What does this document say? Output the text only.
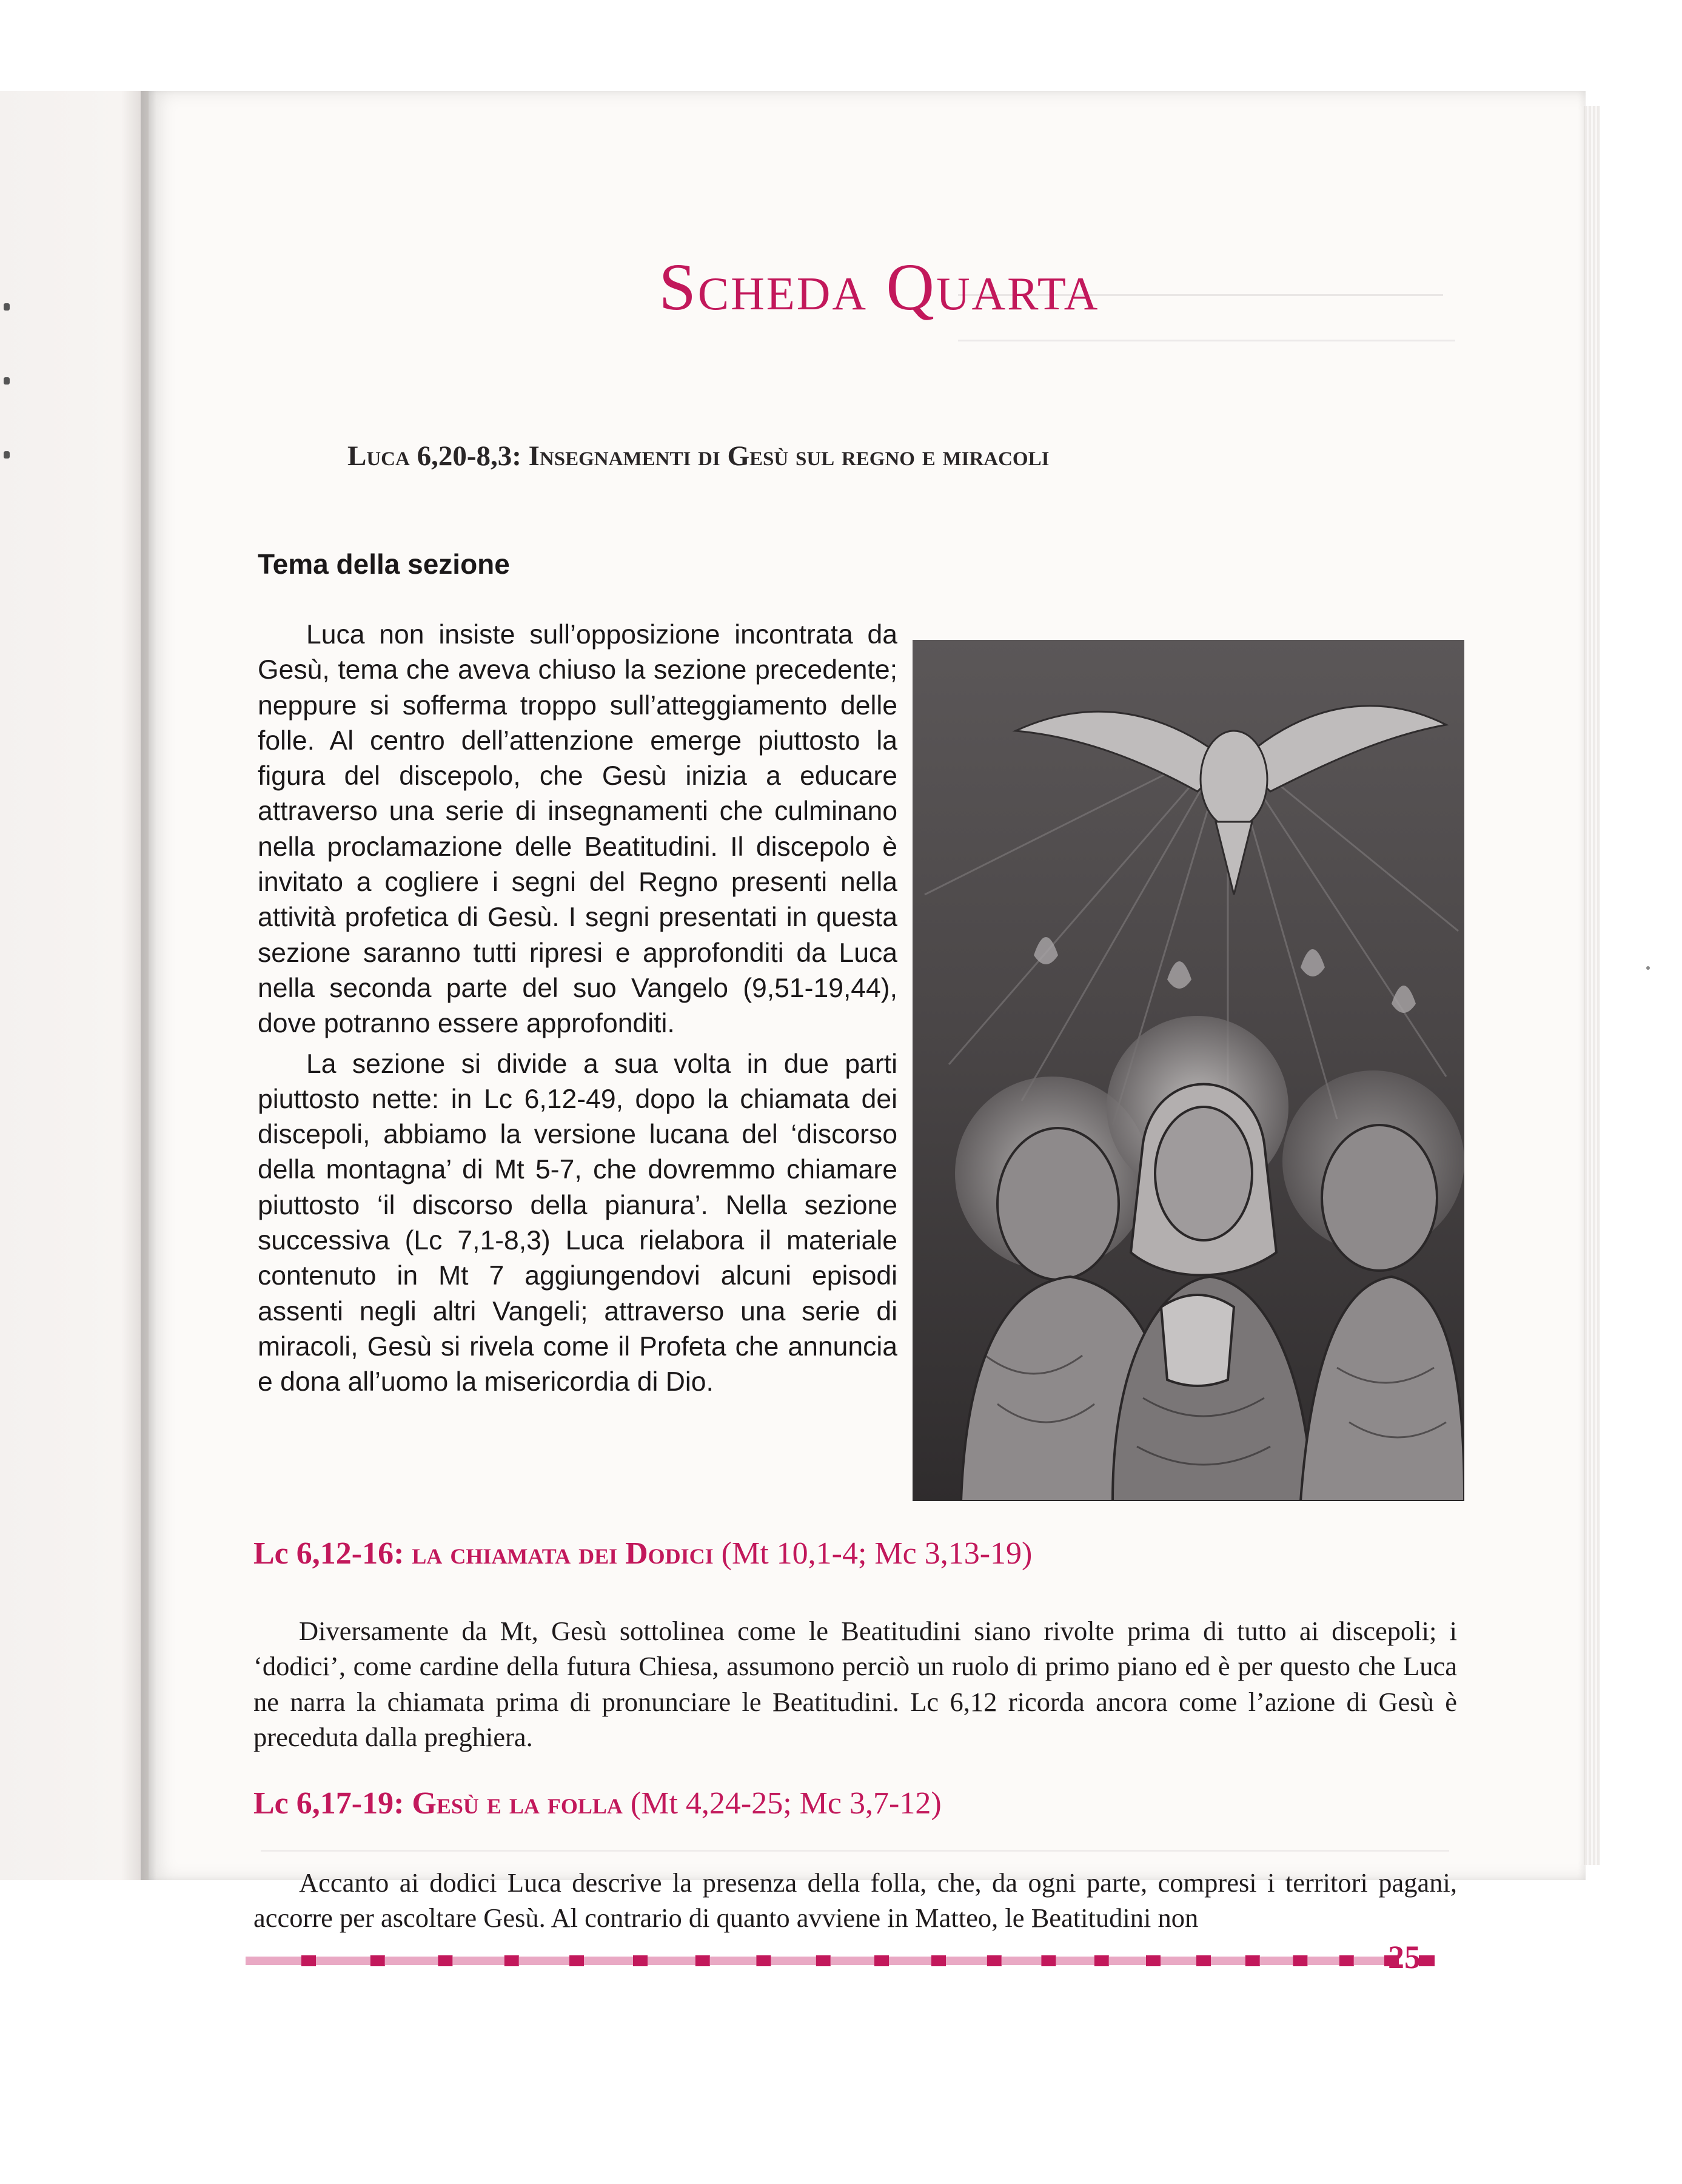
Scheda Quarta
Luca 6,20-8,3: Insegnamenti di Gesù sul regno e miracoli
Tema della sezione

Luca non insiste sull’opposizione incontrata da Gesù, tema che aveva chiuso la sezione precedente; neppure si sofferma troppo sull’atteggiamento delle folle. Al centro dell’attenzione emerge piuttosto la figura del discepolo, che Gesù inizia a educare attraverso una serie di insegnamenti che culminano nella proclamazione delle Beatitudini. Il discepolo è invitato a cogliere i segni del Regno presenti nella attività profetica di Gesù. I segni presentati in questa sezione saranno tutti ripresi e approfonditi da Luca nella seconda parte del suo Vangelo (9,51-19,44), dove potranno essere approfonditi.

La sezione si divide a sua volta in due parti piuttosto nette: in Lc 6,12-49, dopo la chiamata dei discepoli, abbiamo la versione lucana del ‘discorso della montagna’ di Mt 5-7, che dovremmo chiamare piuttosto ‘il discorso della pianura’. Nella sezione successiva (Lc 7,1-8,3) Luca rielabora il materiale contenuto in Mt 7 aggiungendovi alcuni episodi assenti negli altri Vangeli; attraverso una serie di miracoli, Gesù si rivela come il Profeta che annuncia e dona all’uomo la misericordia di Dio.

Lc 6,12-16: la chiamata dei Dodici (Mt 10,1-4; Mc 3,13-19)

Diversamente da Mt, Gesù sottolinea come le Beatitudini siano rivolte prima di tutto ai discepoli; i ‘dodici’, come cardine della futura Chiesa, assumono perciò un ruolo di primo piano ed è per questo che Luca ne narra la chiamata prima di pronunciare le Beatitudini. Lc 6,12 ricorda ancora come l’azione di Gesù è preceduta dalla preghiera.

Lc 6,17-19: Gesù e la folla (Mt 4,24-25; Mc 3,7-12)

Accanto ai dodici Luca descrive la presenza della folla, che, da ogni parte, compresi i territori pagani, accorre per ascoltare Gesù. Al contrario di quanto avviene in Matteo, le Beatitudini non

25
